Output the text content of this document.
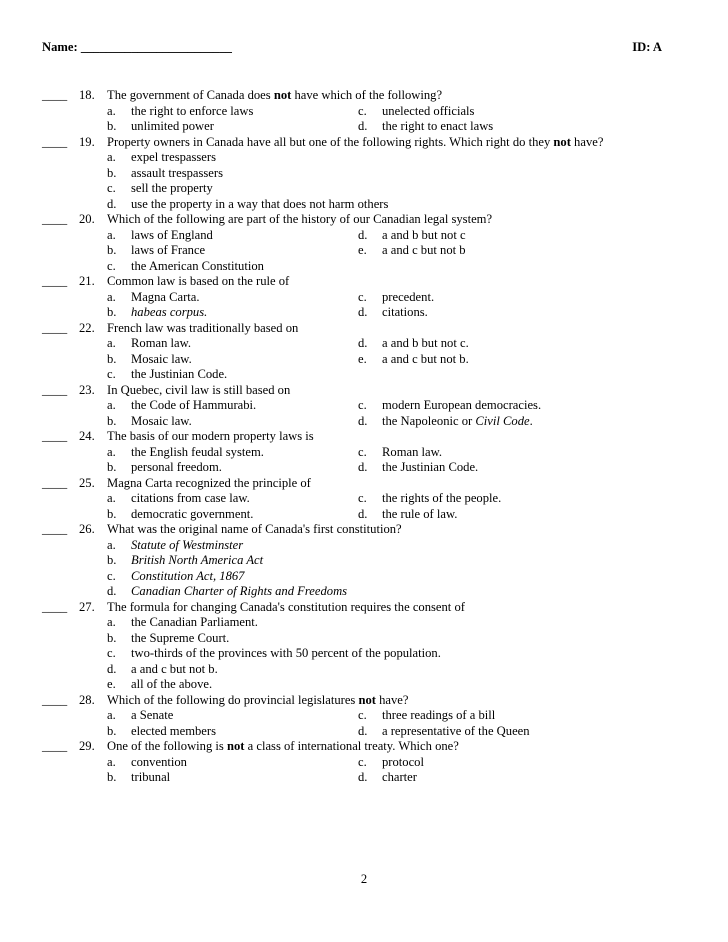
Name: ________________________	ID: A
____ 18. The government of Canada does not have which of the following?
a. the right to enforce laws	c. unelected officials
b. unlimited power	d. the right to enact laws
____ 19. Property owners in Canada have all but one of the following rights. Which right do they not have?
a. expel trespassers
b. assault trespassers
c. sell the property
d. use the property in a way that does not harm others
____ 20. Which of the following are part of the history of our Canadian legal system?
a. laws of England	d. a and b but not c
b. laws of France	e. a and c but not b
c. the American Constitution
____ 21. Common law is based on the rule of
a. Magna Carta.	c. precedent.
b. habeas corpus.	d. citations.
____ 22. French law was traditionally based on
a. Roman law.	d. a and b but not c.
b. Mosaic law.	e. a and c but not b.
c. the Justinian Code.
____ 23. In Quebec, civil law is still based on
a. the Code of Hammurabi.	c. modern European democracies.
b. Mosaic law.	d. the Napoleonic or Civil Code.
____ 24. The basis of our modern property laws is
a. the English feudal system.	c. Roman law.
b. personal freedom.	d. the Justinian Code.
____ 25. Magna Carta recognized the principle of
a. citations from case law.	c. the rights of the people.
b. democratic government.	d. the rule of law.
____ 26. What was the original name of Canada's first constitution?
a. Statute of Westminster
b. British North America Act
c. Constitution Act, 1867
d. Canadian Charter of Rights and Freedoms
____ 27. The formula for changing Canada's constitution requires the consent of
a. the Canadian Parliament.
b. the Supreme Court.
c. two-thirds of the provinces with 50 percent of the population.
d. a and c but not b.
e. all of the above.
____ 28. Which of the following do provincial legislatures not have?
a. a Senate	c. three readings of a bill
b. elected members	d. a representative of the Queen
____ 29. One of the following is not a class of international treaty. Which one?
a. convention	c. protocol
b. tribunal	d. charter
2
